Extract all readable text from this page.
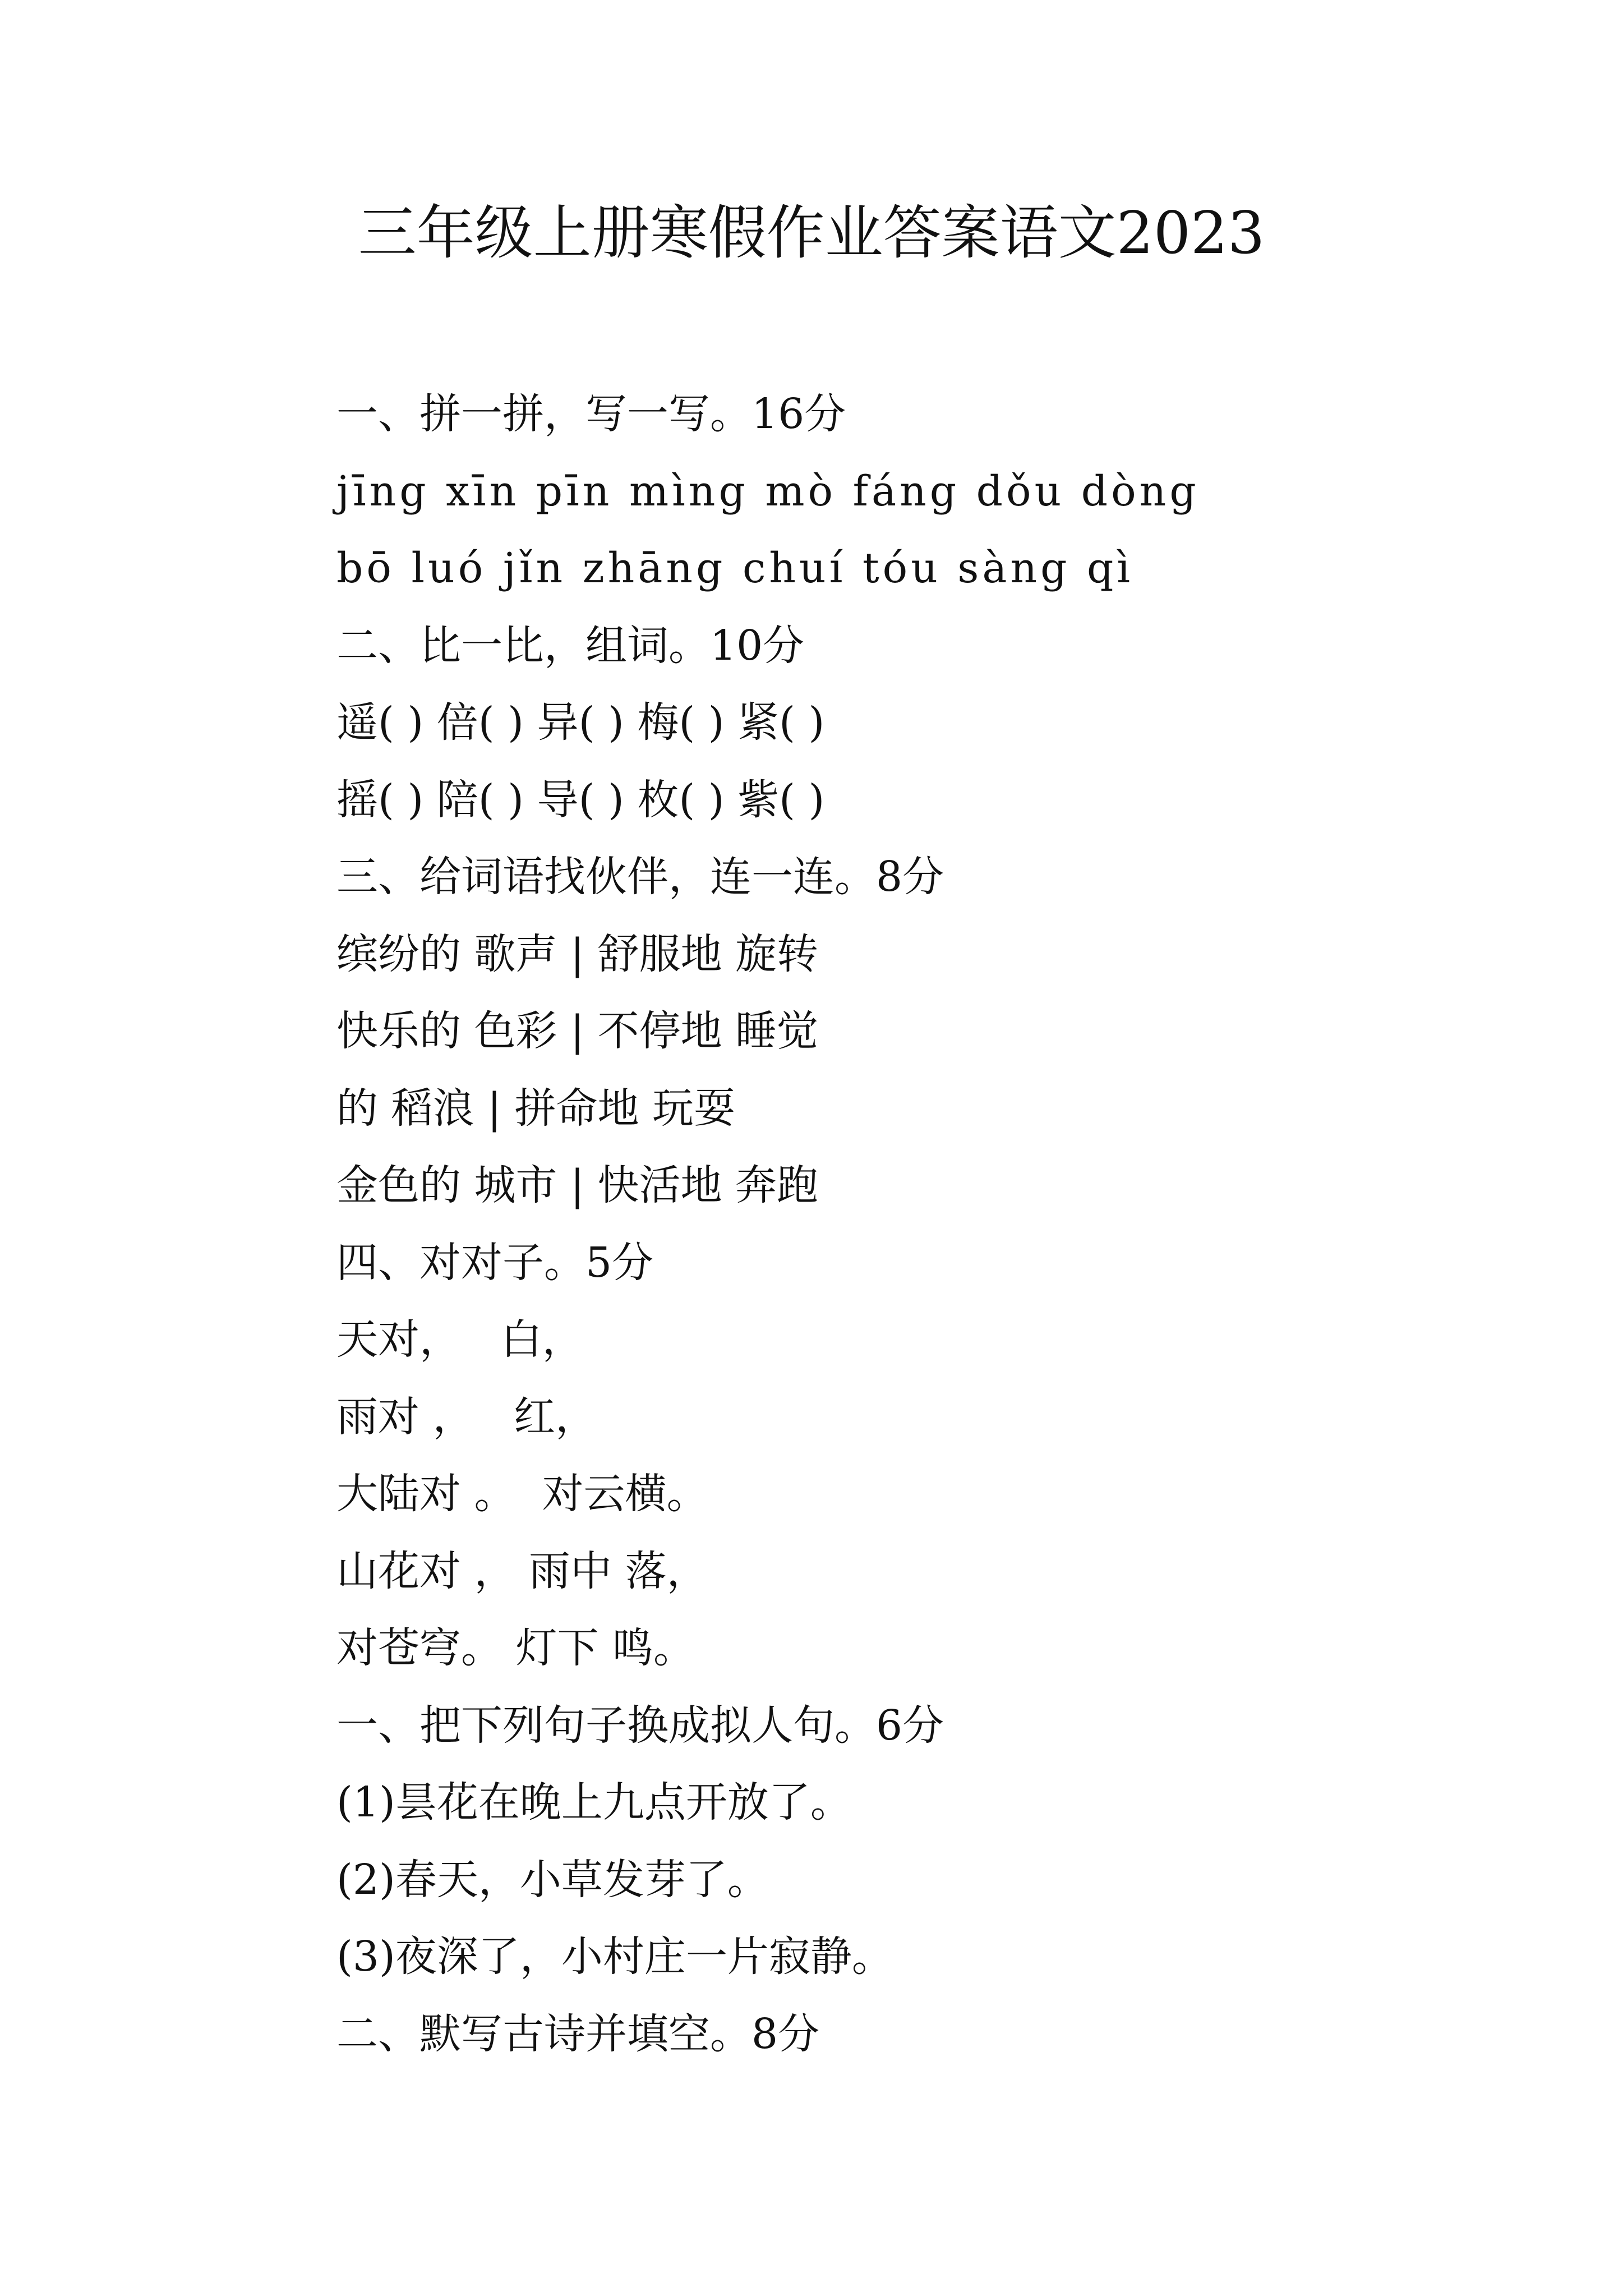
三年级上册寒假作业答案语文2023
一、拼一拼，写一写。16分
jīng xīn pīn mìng mò fáng dǒu dòng
bō luó jǐn zhāng chuí tóu sàng qì
二、比一比，组词。10分
遥( ) 倍( ) 异( ) 梅( ) 紧( )
摇( ) 陪( ) 导( ) 枚( ) 紫( )
三、给词语找伙伴，连一连。8分
缤纷的 歌声 | 舒服地 旋转
快乐的 色彩 | 不停地 睡觉
的 稻浪 | 拼命地 玩耍
金色的 城市 | 快活地 奔跑
四、对对子。5分
天对，   白，
雨对 ，   红，
大陆对 。  对云横。
山花对 ， 雨中 落，
对苍穹。 灯下 鸣。
一、把下列句子换成拟人句。6分
(1)昙花在晚上九点开放了。
(2)春天，小草发芽了。
(3)夜深了，小村庄一片寂静。
二、默写古诗并填空。8分
